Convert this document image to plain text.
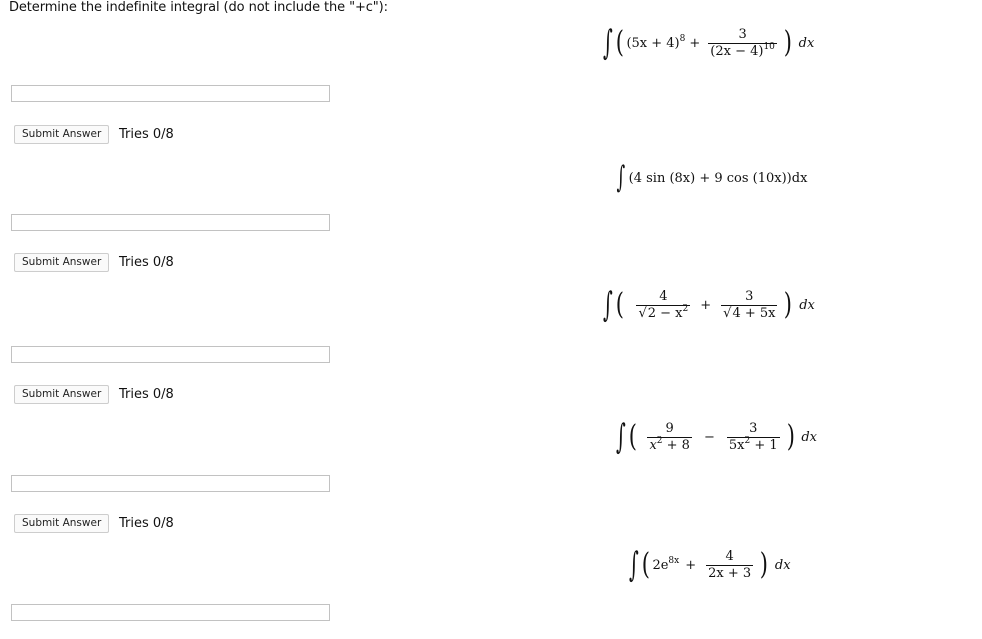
Determine the indefinite integral (do not include the "+c"):
∫ ( $(5x + 4)^8 + \frac{3}{(2x - 4)^{10}}$ ) dx
Submit Answer	Tries 0/8
∫ (4 sin (8x) + 9 cos (10x))dx
Submit Answer	Tries 0/8
∫ ( $\frac{4}{√2 - x^2} + \frac{3}{√4 + 5x}$ ) dx
Submit Answer	Tries 0/8
∫ ( $\frac{9}{x^2 + 8} - \frac{3}{5x^2 + 1}$ ) dx
Submit Answer	Tries 0/8
∫ ( $2e^{8x} + \frac{4}{2x + 3}$ ) dx
